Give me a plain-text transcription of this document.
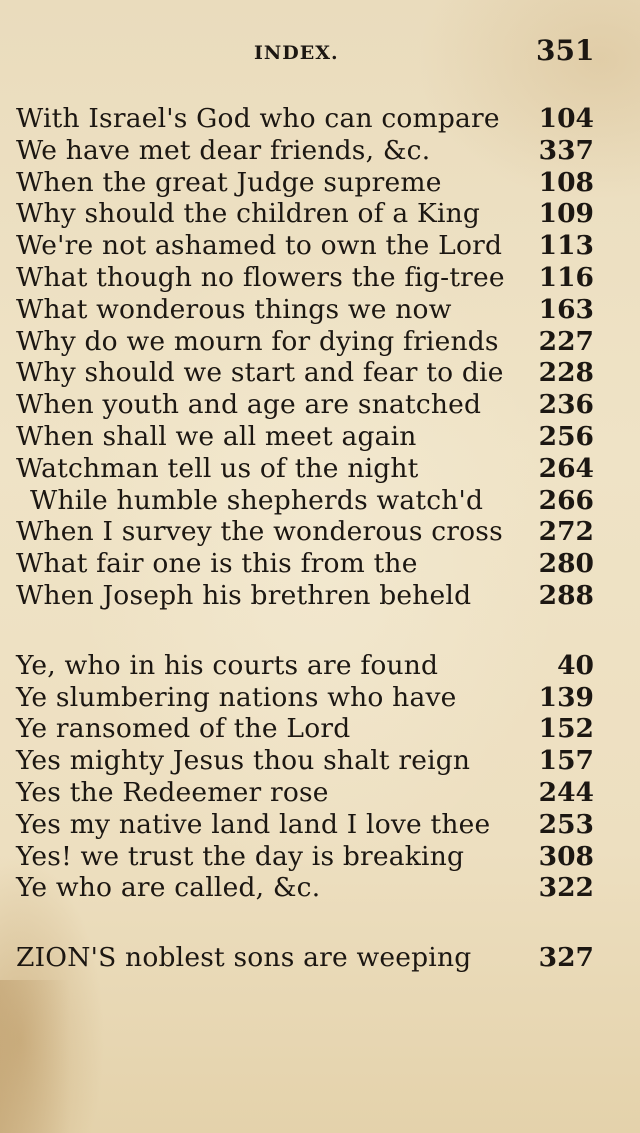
INDEX.	351
With Israel's God who can compare 104
We have met dear friends, &c.	337
When the great Judge supreme	108
Why should the children of a King 109
We're not ashamed to own the Lord 113
What though no flowers the fig-tree 116
What wonderous things we now	163
Why do we mourn for dying friends 227
Why should we start and fear to die 228
When youth and age are snatched 236
When shall we all meet again	256
Watchman tell us of the night	264
While humble shepherds watch'd 266
When I survey the wonderous cross 272
What fair one is this from the	280
When Joseph his brethren beheld	288
Ye, who in his courts are found	40
Ye slumbering nations who have	139
Ye ransomed of the Lord	152
Yes mighty Jesus thou shalt reign	157
Yes the Redeemer rose	244
Yes my native land land I love thee 253
Yes! we trust the day is breaking	308
Ye who are called, &c.	322
ZION'S noblest sons are weeping	327
